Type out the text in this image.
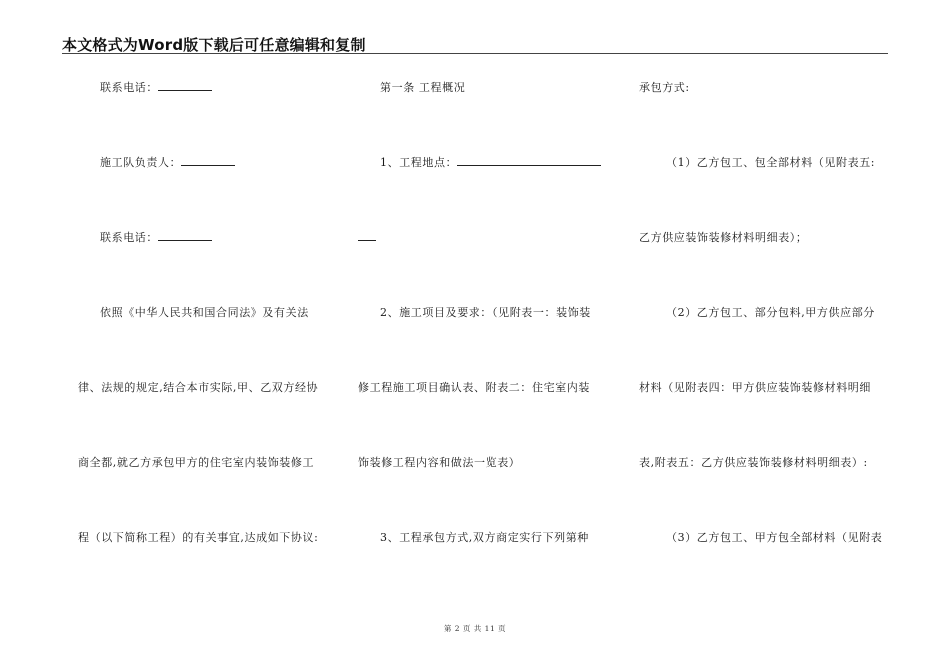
本文格式为Word版下载后可任意编辑和复制
联系电话：
施工队负责人：
联系电话：
依照《中华人民共和国合同法》及有关法
律、法规的规定,结合本市实际,甲、乙双方经协
商全都,就乙方承包甲方的住宅室内装饰装修工
程（以下简称工程）的有关事宜,达成如下协议:
第一条 工程概况
1、工程地点：
2、施工项目及要求：（见附表一：装饰装
修工程施工项目确认表、附表二：住宅室内装
饰装修工程内容和做法一览表）
3、工程承包方式,双方商定实行下列第种
承包方式:
（1）乙方包工、包全部材料（见附表五:
乙方供应装饰装修材料明细表）；
（2）乙方包工、部分包料,甲方供应部分
材料（见附表四：甲方供应装饰装修材料明细
表,附表五：乙方供应装饰装修材料明细表）:
（3）乙方包工、甲方包全部材料（见附表
第 2 页 共 11 页
